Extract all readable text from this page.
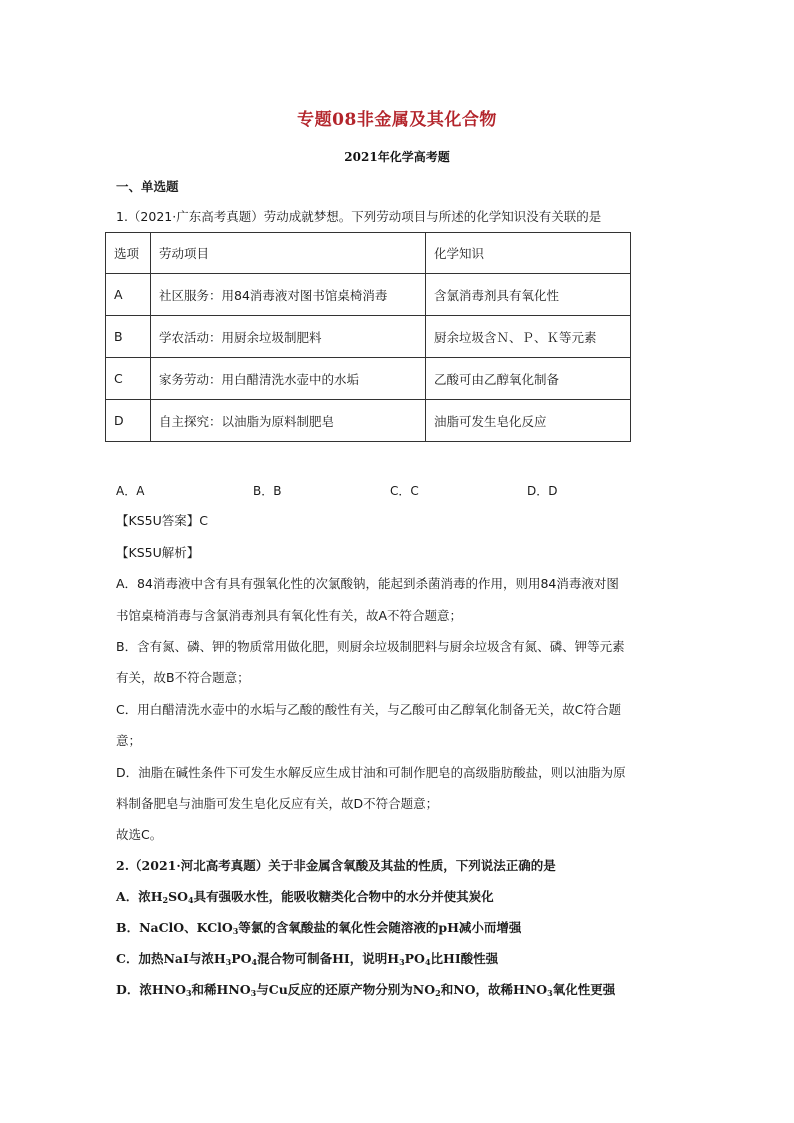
专题08非金属及其化合物
2021年化学高考题
一、单选题
1.（2021·广东高考真题）劳动成就梦想。下列劳动项目与所述的化学知识没有关联的是
选项	劳动项目	化学知识
A	社区服务：用84消毒液对图书馆桌椅消毒	含氯消毒剂具有氧化性
B	学农活动：用厨余垃圾制肥料	厨余垃圾含Ｎ、Ｐ、Ｋ等元素
C	家务劳动：用白醋清洗水壶中的水垢	乙酸可由乙醇氧化制备
D	自主探究：以油脂为原料制肥皂	油脂可发生皂化反应
A．A	B．B	C．C	D．D
【KS5U答案】C
【KS5U解析】
A．84消毒液中含有具有强氧化性的次氯酸钠，能起到杀菌消毒的作用，则用84消毒液对图
书馆桌椅消毒与含氯消毒剂具有氧化性有关，故A不符合题意；
B．含有氮、磷、钾的物质常用做化肥，则厨余垃圾制肥料与厨余垃圾含有氮、磷、钾等元素
有关，故B不符合题意；
C．用白醋清洗水壶中的水垢与乙酸的酸性有关，与乙酸可由乙醇氧化制备无关，故C符合题
意；
D．油脂在碱性条件下可发生水解反应生成甘油和可制作肥皂的高级脂肪酸盐，则以油脂为原
料制备肥皂与油脂可发生皂化反应有关，故D不符合题意；
故选C。
2.（2021·河北高考真题）关于非金属含氧酸及其盐的性质，下列说法正确的是
A．浓$H_2SO_4$具有强吸水性，能吸收糖类化合物中的水分并使其炭化
B．NaClO、KClO$_3$等氯的含氧酸盐的氧化性会随溶液的pH减小而增强
C．加热NaI与浓$H_3PO_4$混合物可制备HI，说明$H_3PO_4$比HI酸性强
D．浓$HNO_3$和稀$HNO_3$与Cu反应的还原产物分别为$NO_2$和NO，故稀$HNO_3$氧化性更强
